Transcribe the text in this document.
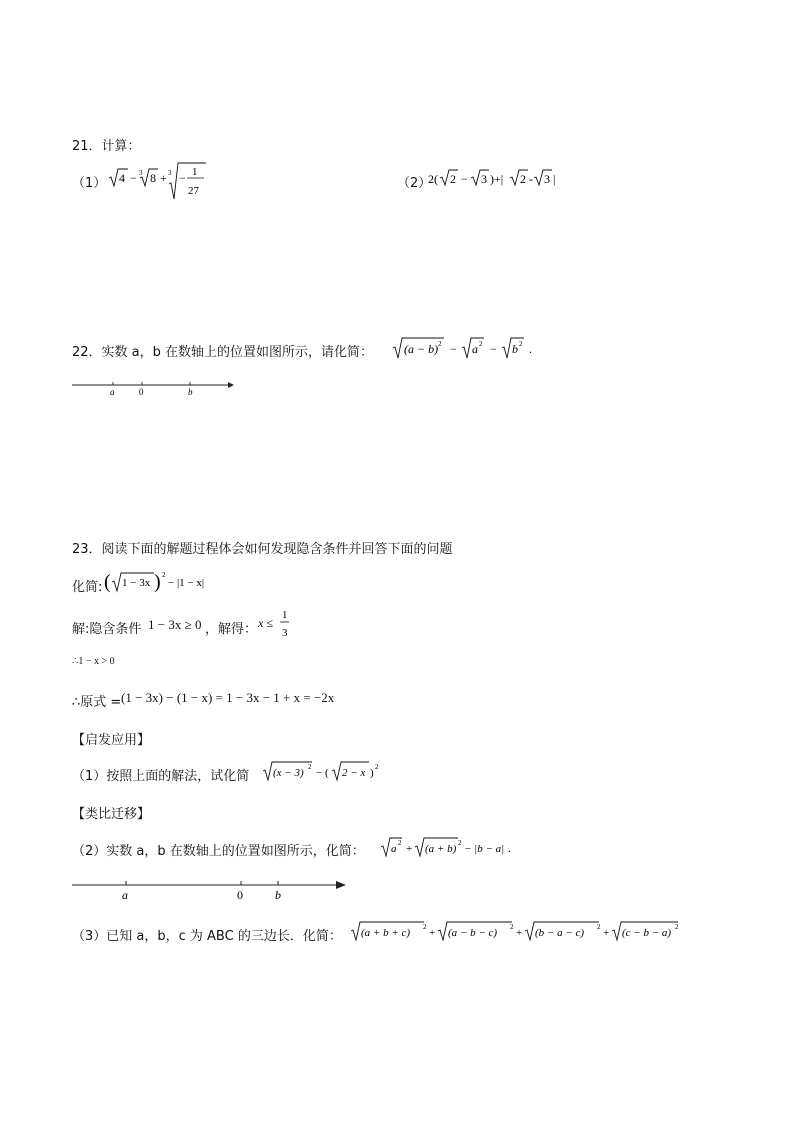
21．计算：
（1） 4 − 3 8 + 3 − 1
27	（2）
2( 2 − 3 )+| 2 - 3 |
22．实数 a，b 在数轴上的位置如图所示，请化简：	(a − b) 2 − a 2 − b 2 .
a	0	b
23．阅读下面的解题过程体会如何发现隐含条件并回答下面的问题
化简: ( 1 − 3x ) 2
− |1 − x|
解:隐含条件 1 − 3x ≥ 0 ，解得： x ≤
1
3
∴1 − x > 0
∴原式 = (1 − 3x) − (1 − x) = 1 − 3x − 1 + x = −2x
【启发应用】
（1）按照上面的解法，试化简 (x − 3) 2 − ( 2 − x ) 2
【类比迁移】
（2）实数 a，b 在数轴上的位置如图所示，化简： a 2 + (a + b) 2 − |b − a| .
a	0	b
（3）已知 a，b，c 为 ABC 的三边长．化简： (a + b + c) 2 + (a − b − c) 2 + (b − a − c) 2 + (c − b − a) 2
